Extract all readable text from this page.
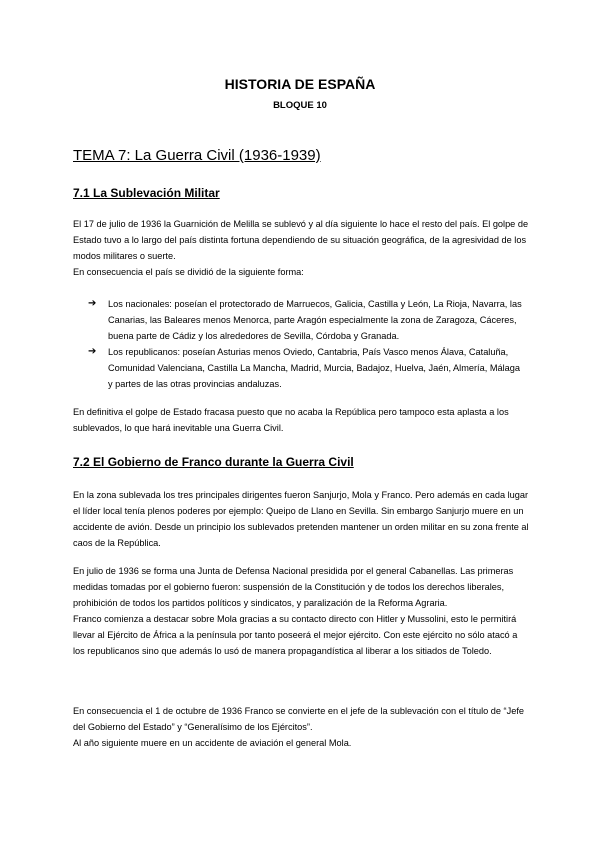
HISTORIA DE ESPAÑA
BLOQUE 10
TEMA 7: La Guerra Civil (1936-1939)
7.1 La Sublevación Militar

El 17 de julio de 1936 la Guarnición de Melilla se sublevó y al día siguiente lo hace el resto del país. El golpe de Estado tuvo a lo largo del país distinta fortuna dependiendo de su situación geográfica, de la agresividad de los modos militares o suerte.

En consecuencia el país se dividió de la siguiente forma:

➔ Los nacionales: poseían el protectorado de Marruecos, Galicia, Castilla y León, La Rioja, Navarra, las Canarias, las Baleares menos Menorca, parte Aragón especialmente la zona de Zaragoza, Cáceres, buena parte de Cádiz y los alrededores de Sevilla, Córdoba y Granada.
➔ Los republicanos: poseían Asturias menos Oviedo, Cantabria, País Vasco menos Álava, Cataluña, Comunidad Valenciana, Castilla La Mancha, Madrid, Murcia, Badajoz, Huelva, Jaén, Almería, Málaga y partes de las otras provincias andaluzas.

En definitiva el golpe de Estado fracasa puesto que no acaba la República pero tampoco esta aplasta a los sublevados, lo que hará inevitable una Guerra Civil.

7.2 El Gobierno de Franco durante la Guerra Civil

En la zona sublevada los tres principales dirigentes fueron Sanjurjo, Mola y Franco. Pero además en cada lugar el líder local tenía plenos poderes por ejemplo: Queipo de Llano en Sevilla. Sin embargo Sanjurjo muere en un accidente de avión. Desde un principio los sublevados pretenden mantener un orden militar en su zona frente al caos de la República.

En julio de 1936 se forma una Junta de Defensa Nacional presidida por el general Cabanellas. Las primeras medidas tomadas por el gobierno fueron: suspensión de la Constitución y de todos los derechos liberales, prohibición de todos los partidos políticos y sindicatos, y paralización de la Reforma Agraria.

Franco comienza a destacar sobre Mola gracias a su contacto directo con Hitler y Mussolini, esto le permitirá llevar al Ejército de África a la península por tanto poseerá el mejor ejército. Con este ejército no sólo atacó a los republicanos sino que además lo usó de manera propagandística al liberar a los sitiados de Toledo.

En consecuencia el 1 de octubre de 1936 Franco se convierte en el jefe de la sublevación con el título de “Jefe del Gobierno del Estado” y “Generalísimo de los Ejércitos”.

Al año siguiente muere en un accidente de aviación el general Mola.
